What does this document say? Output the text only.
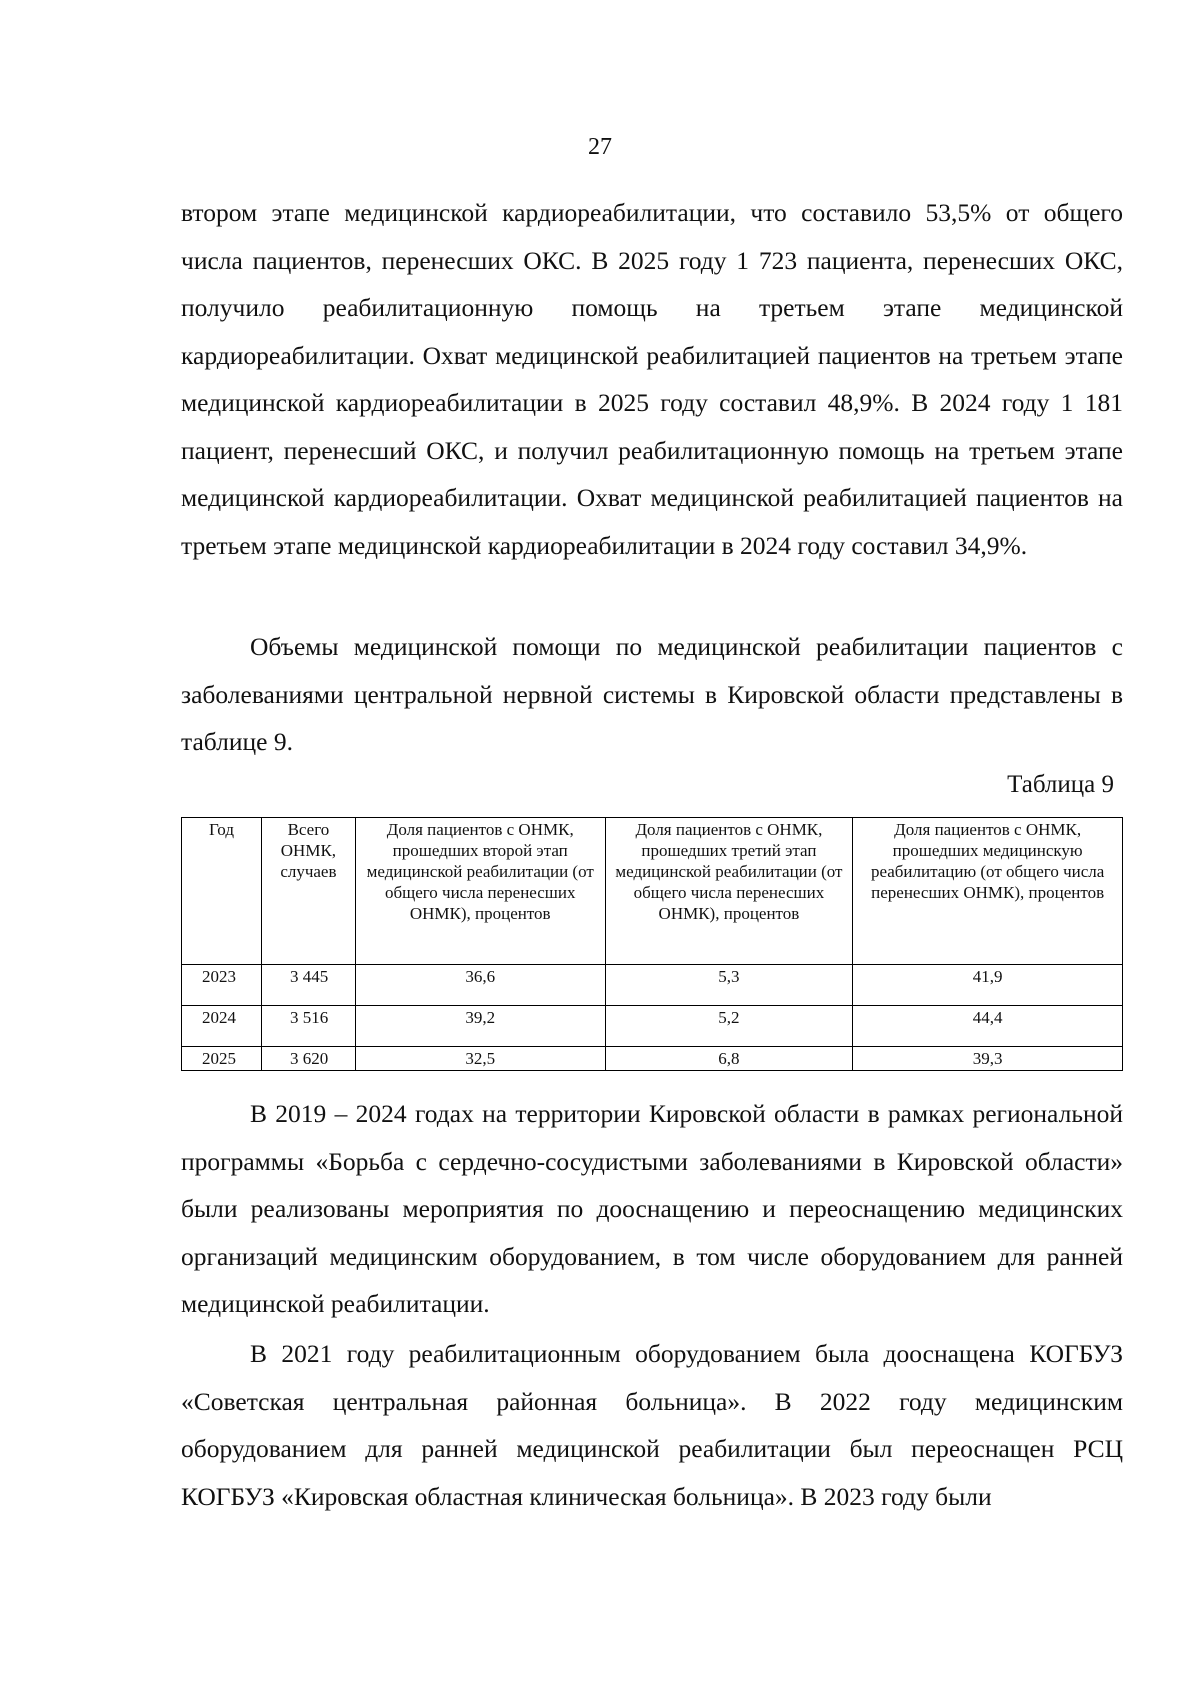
27

втором этапе медицинской кардиореабилитации, что составило 53,5% от общего числа пациентов, перенесших ОКС. В 2025 году 1 723 пациента, перенесших ОКС, получило реабилитационную помощь на третьем этапе медицинской кардиореабилитации. Охват медицинской реабилитацией пациентов на третьем этапе медицинской кардиореабилитации в 2025 году составил 48,9%. В 2024 году 1 181 пациент, перенесший ОКС, и получил реабилитационную помощь на третьем этапе медицинской кардиореабилитации. Охват медицинской реабилитацией пациентов на третьем этапе медицинской кардиореабилитации в 2024 году составил 34,9%.

Объемы медицинской помощи по медицинской реабилитации пациентов с заболеваниями центральной нервной системы в Кировской области представлены в таблице 9.

Таблица 9
Год	Всего ОНМК, случаев	Доля пациентов с ОНМК, прошедших второй этап медицинской реабилитации (от общего числа перенесших ОНМК), процентов	Доля пациентов с ОНМК, прошедших третий этап медицинской реабилитации (от общего числа перенесших ОНМК), процентов	Доля пациентов с ОНМК, прошедших медицинскую реабилитацию (от общего числа перенесших ОНМК), процентов
2023	3 445	36,6	5,3	41,9
2024	3 516	39,2	5,2	44,4
2025	3 620	32,5	6,8	39,3

В 2019 – 2024 годах на территории Кировской области в рамках региональной программы «Борьба с сердечно-сосудистыми заболеваниями в Кировской области» были реализованы мероприятия по дооснащению и переоснащению медицинских организаций медицинским оборудованием, в том числе оборудованием для ранней медицинской реабилитации.

В 2021 году реабилитационным оборудованием была дооснащена КОГБУЗ «Советская центральная районная больница». В 2022 году медицинским оборудованием для ранней медицинской реабилитации был переоснащен РСЦ КОГБУЗ «Кировская областная клиническая больница». В 2023 году были
